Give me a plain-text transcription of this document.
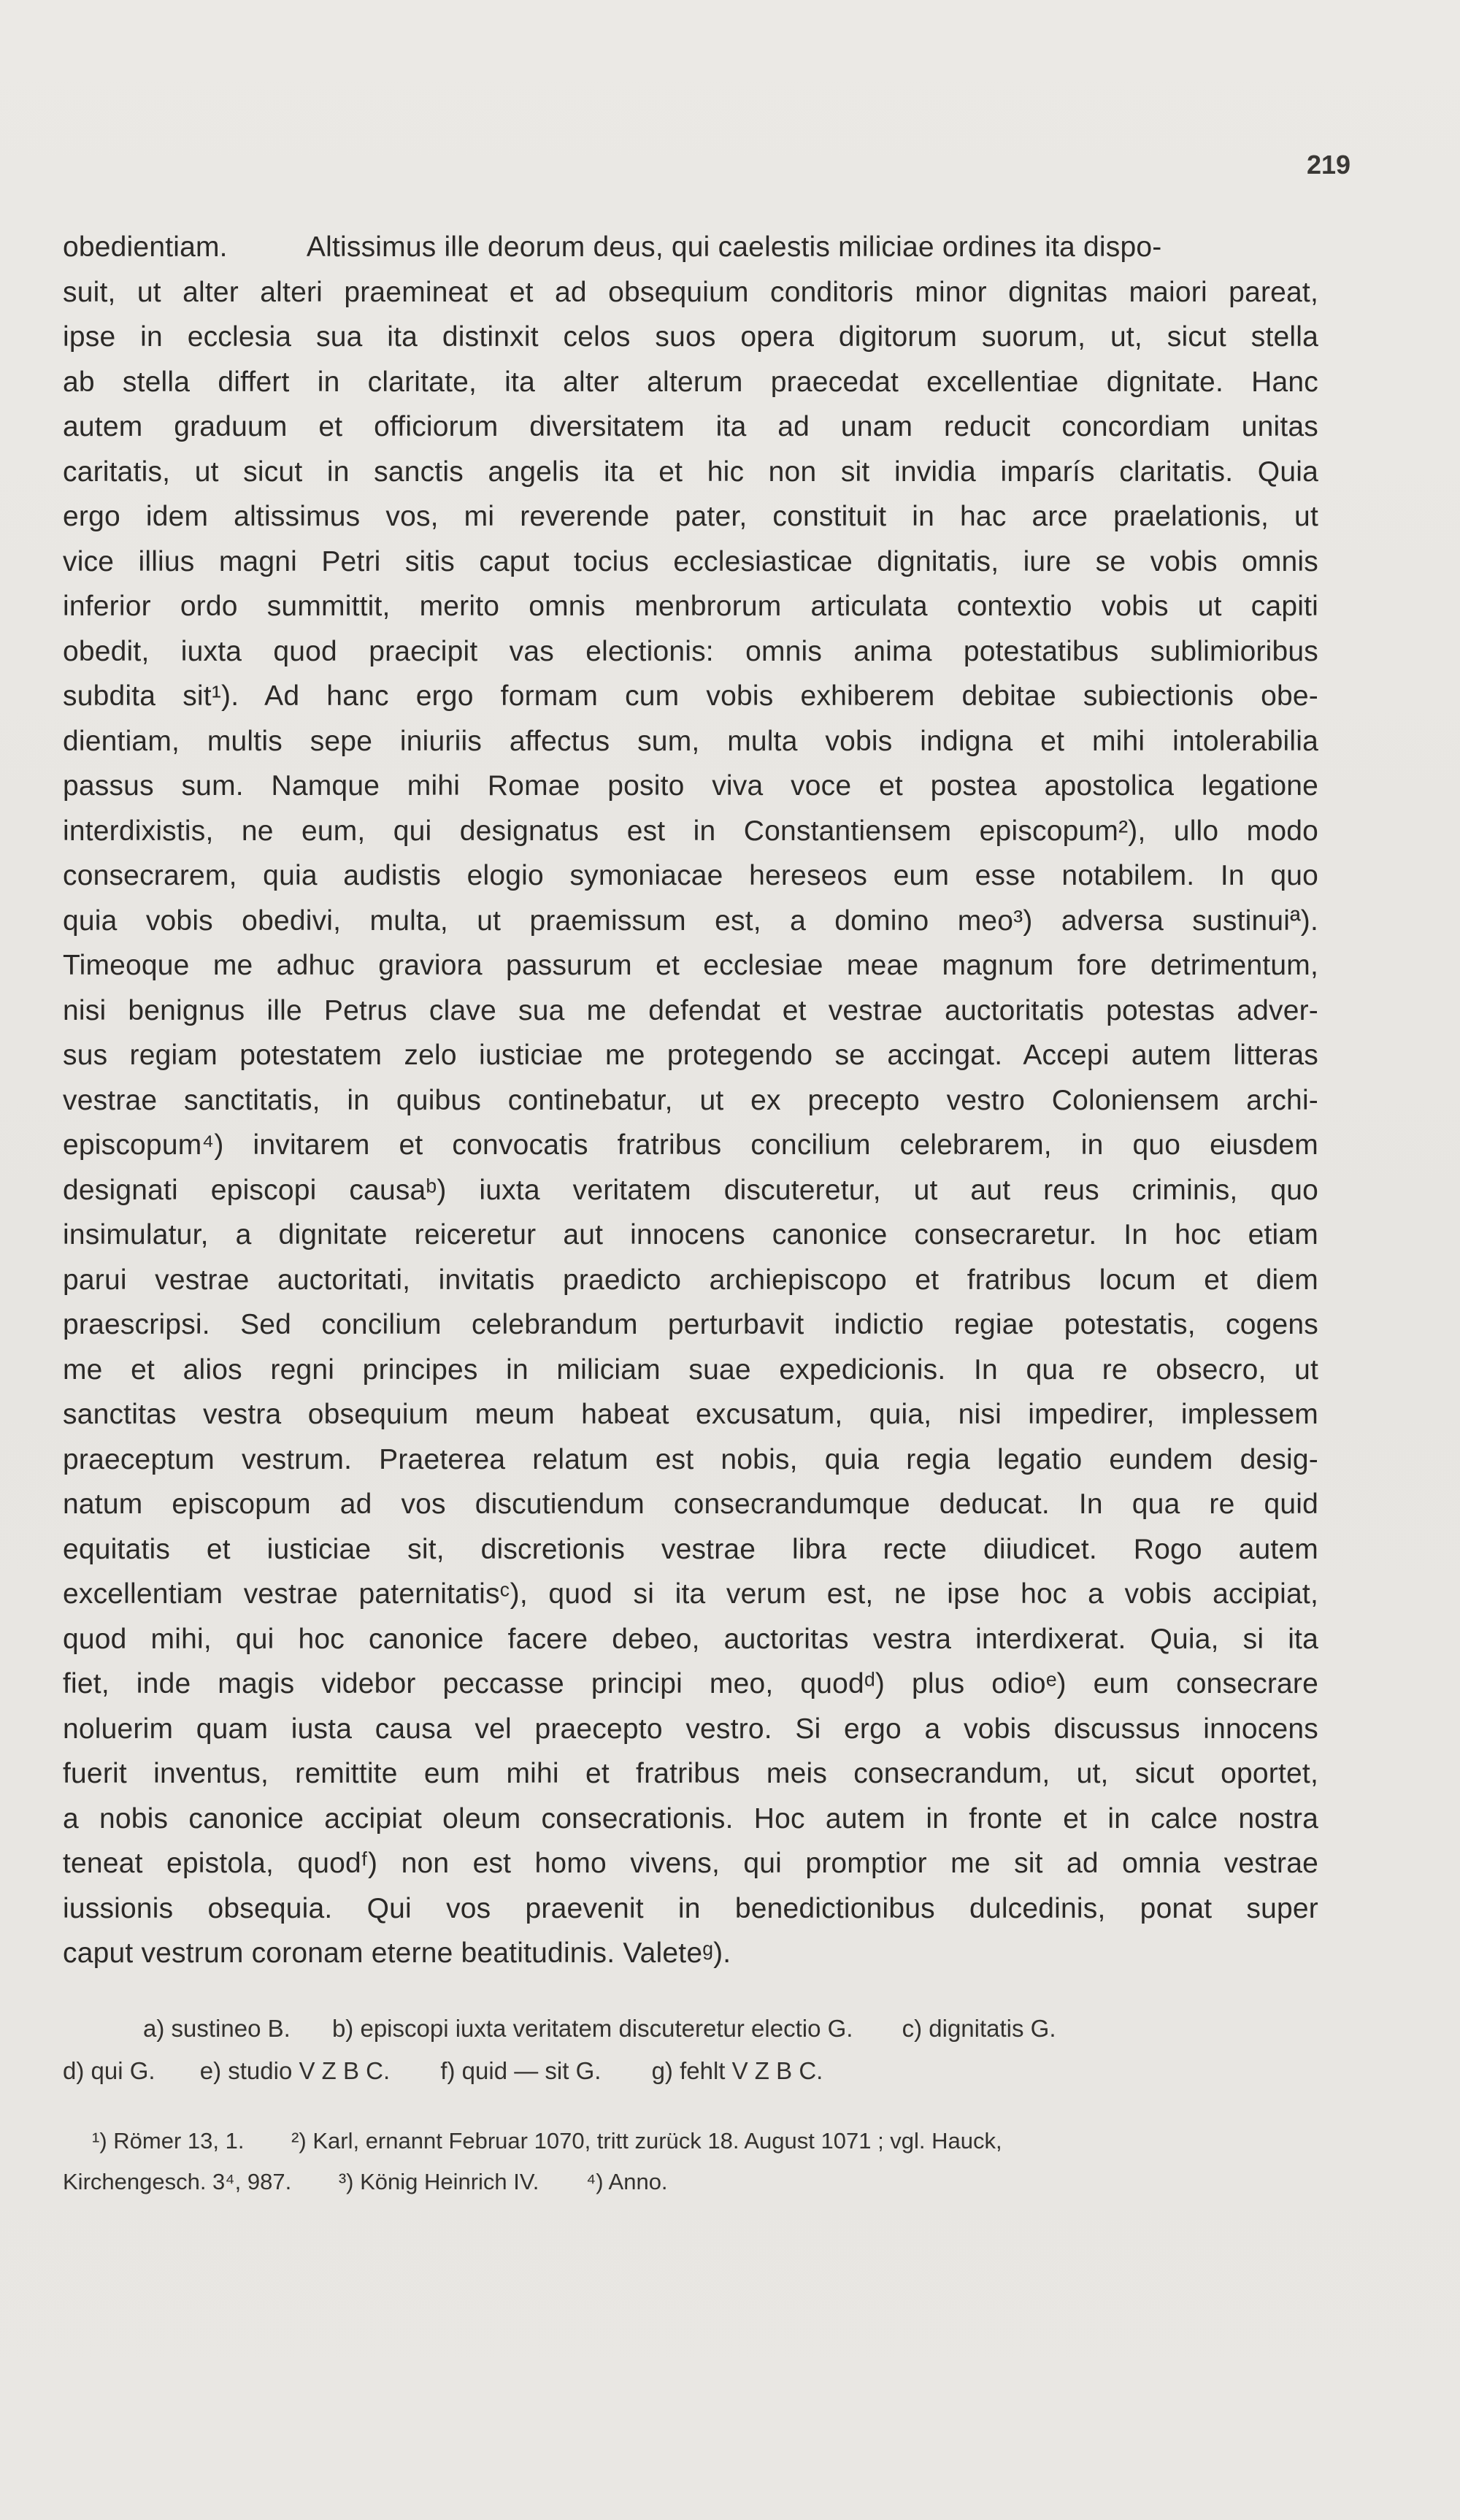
219
obedientiam.          Altissimus ille deorum deus, qui caelestis miliciae ordines ita dispo-
suit, ut alter alteri praemineat et ad obsequium conditoris minor dignitas maiori pareat,
ipse in ecclesia sua ita distinxit celos suos opera digitorum suorum, ut, sicut stella
ab stella differt in claritate, ita alter alterum praecedat excellentiae dignitate. Hanc
autem graduum et officiorum diversitatem ita ad unam reducit concordiam unitas
caritatis, ut sicut in sanctis angelis ita et hic non sit invidia imparís claritatis. Quia
ergo idem altissimus vos, mi reverende pater, constituit in hac arce praelationis, ut
vice illius magni Petri sitis caput tocius ecclesiasticae dignitatis, iure se vobis omnis
inferior ordo summittit, merito omnis menbrorum articulata contextio vobis ut capiti
obedit, iuxta quod praecipit vas electionis: omnis anima potestatibus sublimioribus
subdita sit¹). Ad hanc ergo formam cum vobis exhiberem debitae subiectionis obe-
dientiam, multis sepe iniuriis affectus sum, multa vobis indigna et mihi intolerabilia
passus sum. Namque mihi Romae posito viva voce et postea apostolica legatione
interdixistis, ne eum, qui designatus est in Constantiensem episcopum²), ullo modo
consecrarem, quia audistis elogio symoniacae hereseos eum esse notabilem. In quo
quia vobis obedivi, multa, ut praemissum est, a domino meo³) adversa sustinuiª).
Timeoque me adhuc graviora passurum et ecclesiae meae magnum fore detrimentum,
nisi benignus ille Petrus clave sua me defendat et vestrae auctoritatis potestas adver-
sus regiam potestatem zelo iusticiae me protegendo se accingat. Accepi autem litteras
vestrae sanctitatis, in quibus continebatur, ut ex precepto vestro Coloniensem archi-
episcopum⁴) invitarem et convocatis fratribus concilium celebrarem, in quo eiusdem
designati episcopi causaᵇ) iuxta veritatem discuteretur, ut aut reus criminis, quo
insimulatur, a dignitate reiceretur aut innocens canonice consecraretur. In hoc etiam
parui vestrae auctoritati, invitatis praedicto archiepiscopo et fratribus locum et diem
praescripsi. Sed concilium celebrandum perturbavit indictio regiae potestatis, cogens
me et alios regni principes in miliciam suae expedicionis. In qua re obsecro, ut
sanctitas vestra obsequium meum habeat excusatum, quia, nisi impedirer, implessem
praeceptum vestrum. Praeterea relatum est nobis, quia regia legatio eundem desig-
natum episcopum ad vos discutiendum consecrandumque deducat. In qua re quid
equitatis et iusticiae sit, discretionis vestrae libra recte diiudicet. Rogo autem
excellentiam vestrae paternitatisᶜ), quod si ita verum est, ne ipse hoc a vobis accipiat,
quod mihi, qui hoc canonice facere debeo, auctoritas vestra interdixerat. Quia, si ita
fiet, inde magis videbor peccasse principi meo, quodᵈ) plus odioᵉ) eum consecrare
noluerim quam iusta causa vel praecepto vestro. Si ergo a vobis discussus innocens
fuerit inventus, remittite eum mihi et fratribus meis consecrandum, ut, sicut oportet,
a nobis canonice accipiat oleum consecrationis. Hoc autem in fronte et in calce nostra
teneat epistola, quodᶠ) non est homo vivens, qui promptior me sit ad omnia vestrae
iussionis obsequia. Qui vos praevenit in benedictionibus dulcedinis, ponat super
caput vestrum coronam eterne beatitudinis. Valeteᵍ).
a) sustineo B. b) episcopi iuxta veritatem discuteretur electio G. c) dignitatis G.
d) qui G. e) studio V Z B C. f) quid — sit G. g) fehlt V Z B C.
¹) Römer 13, 1. ²) Karl, ernannt Februar 1070, tritt zurück 18. August 1071 ; vgl. Hauck,
Kirchengesch. 3⁴, 987. ³) König Heinrich IV. ⁴) Anno.
